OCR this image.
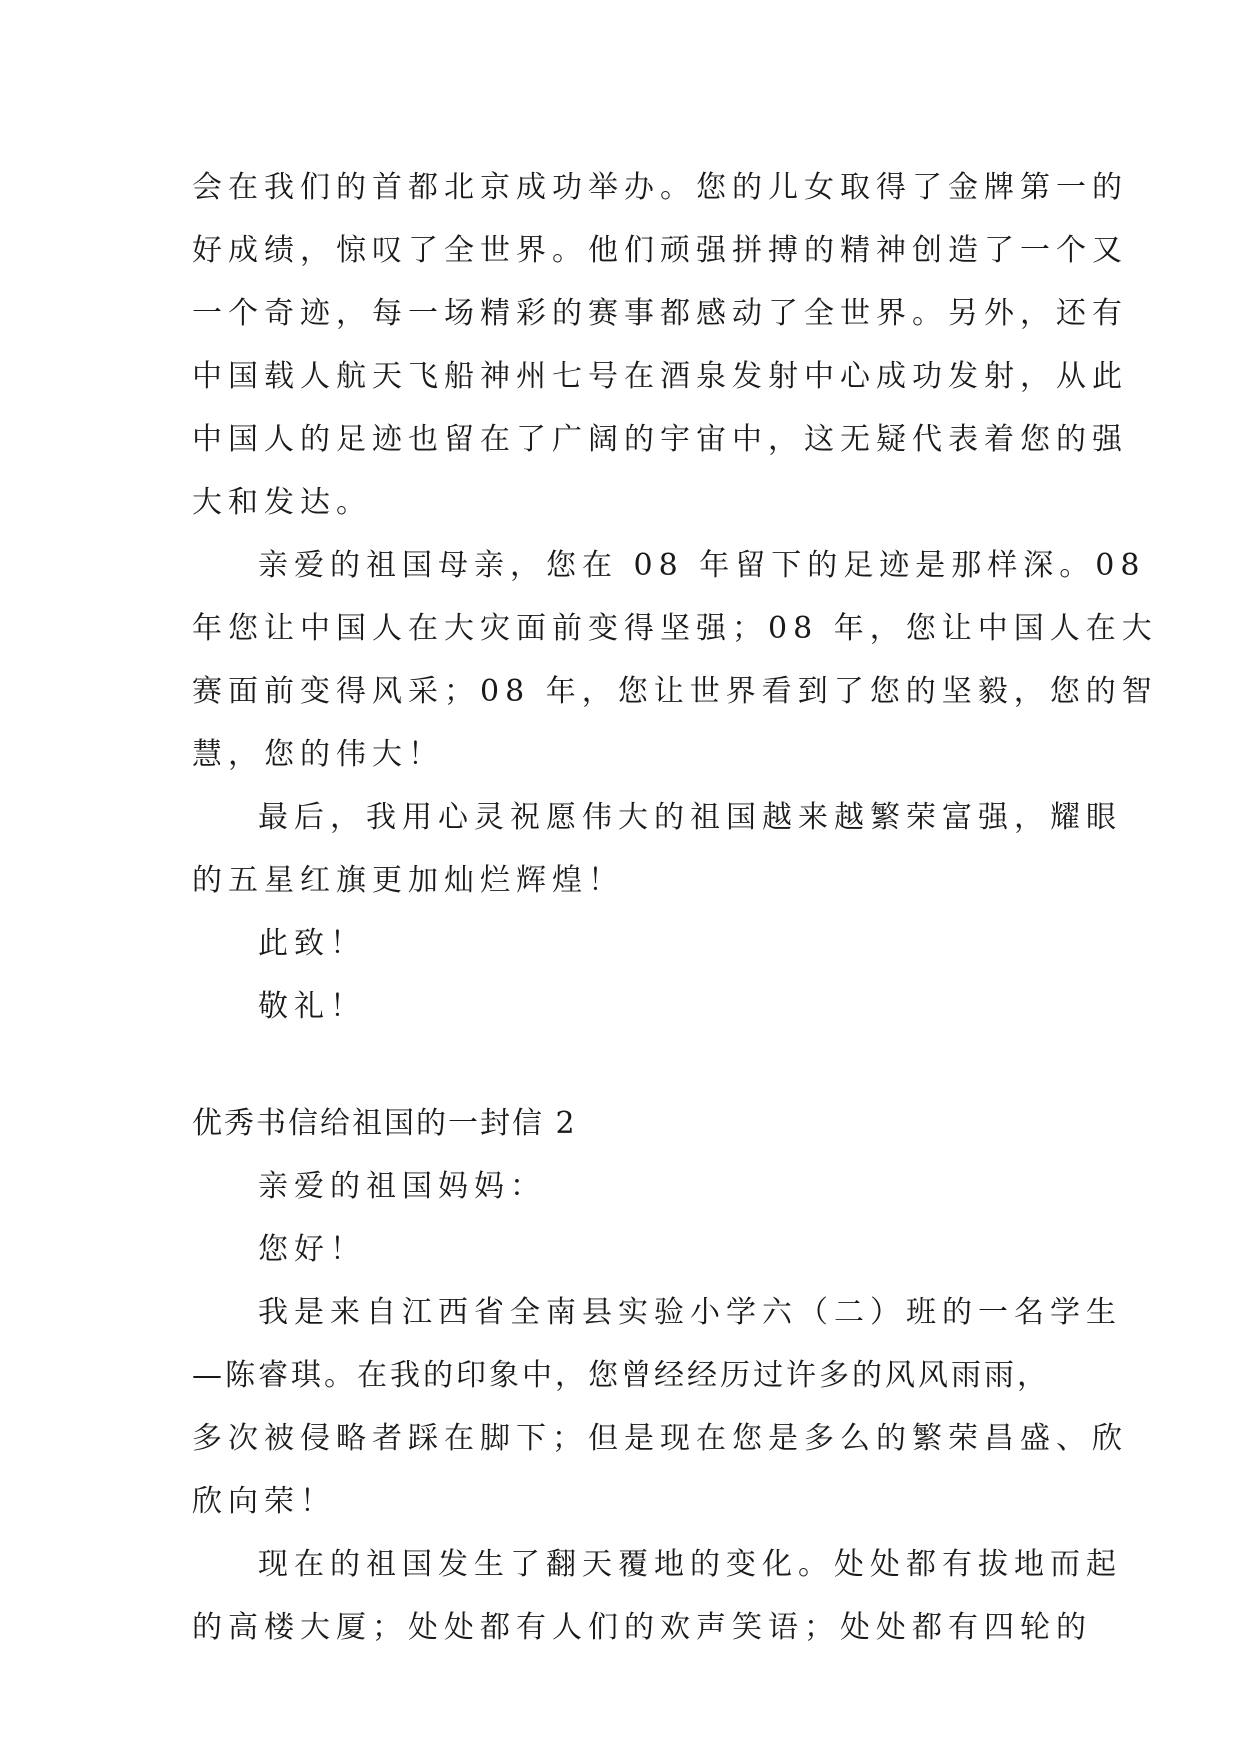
会在我们的首都北京成功举办。您的儿女取得了金牌第一的
好成绩，惊叹了全世界。他们顽强拼搏的精神创造了一个又
一个奇迹，每一场精彩的赛事都感动了全世界。另外，还有
中国载人航天飞船神州七号在酒泉发射中心成功发射，从此
中国人的足迹也留在了广阔的宇宙中，这无疑代表着您的强
大和发达。
亲爱的祖国母亲，您在 08 年留下的足迹是那样深。08
年您让中国人在大灾面前变得坚强；08 年，您让中国人在大
赛面前变得风采；08 年，您让世界看到了您的坚毅，您的智
慧，您的伟大！
最后，我用心灵祝愿伟大的祖国越来越繁荣富强，耀眼
的五星红旗更加灿烂辉煌！
此致！
敬礼！
优秀书信给祖国的一封信 2
亲爱的祖国妈妈：
您好！
我是来自江西省全南县实验小学六（二）班的一名学生
—陈睿琪。在我的印象中，您曾经经历过许多的风风雨雨，
多次被侵略者踩在脚下；但是现在您是多么的繁荣昌盛、欣
欣向荣！
现在的祖国发生了翻天覆地的变化。处处都有拔地而起
的高楼大厦；处处都有人们的欢声笑语；处处都有四轮的
